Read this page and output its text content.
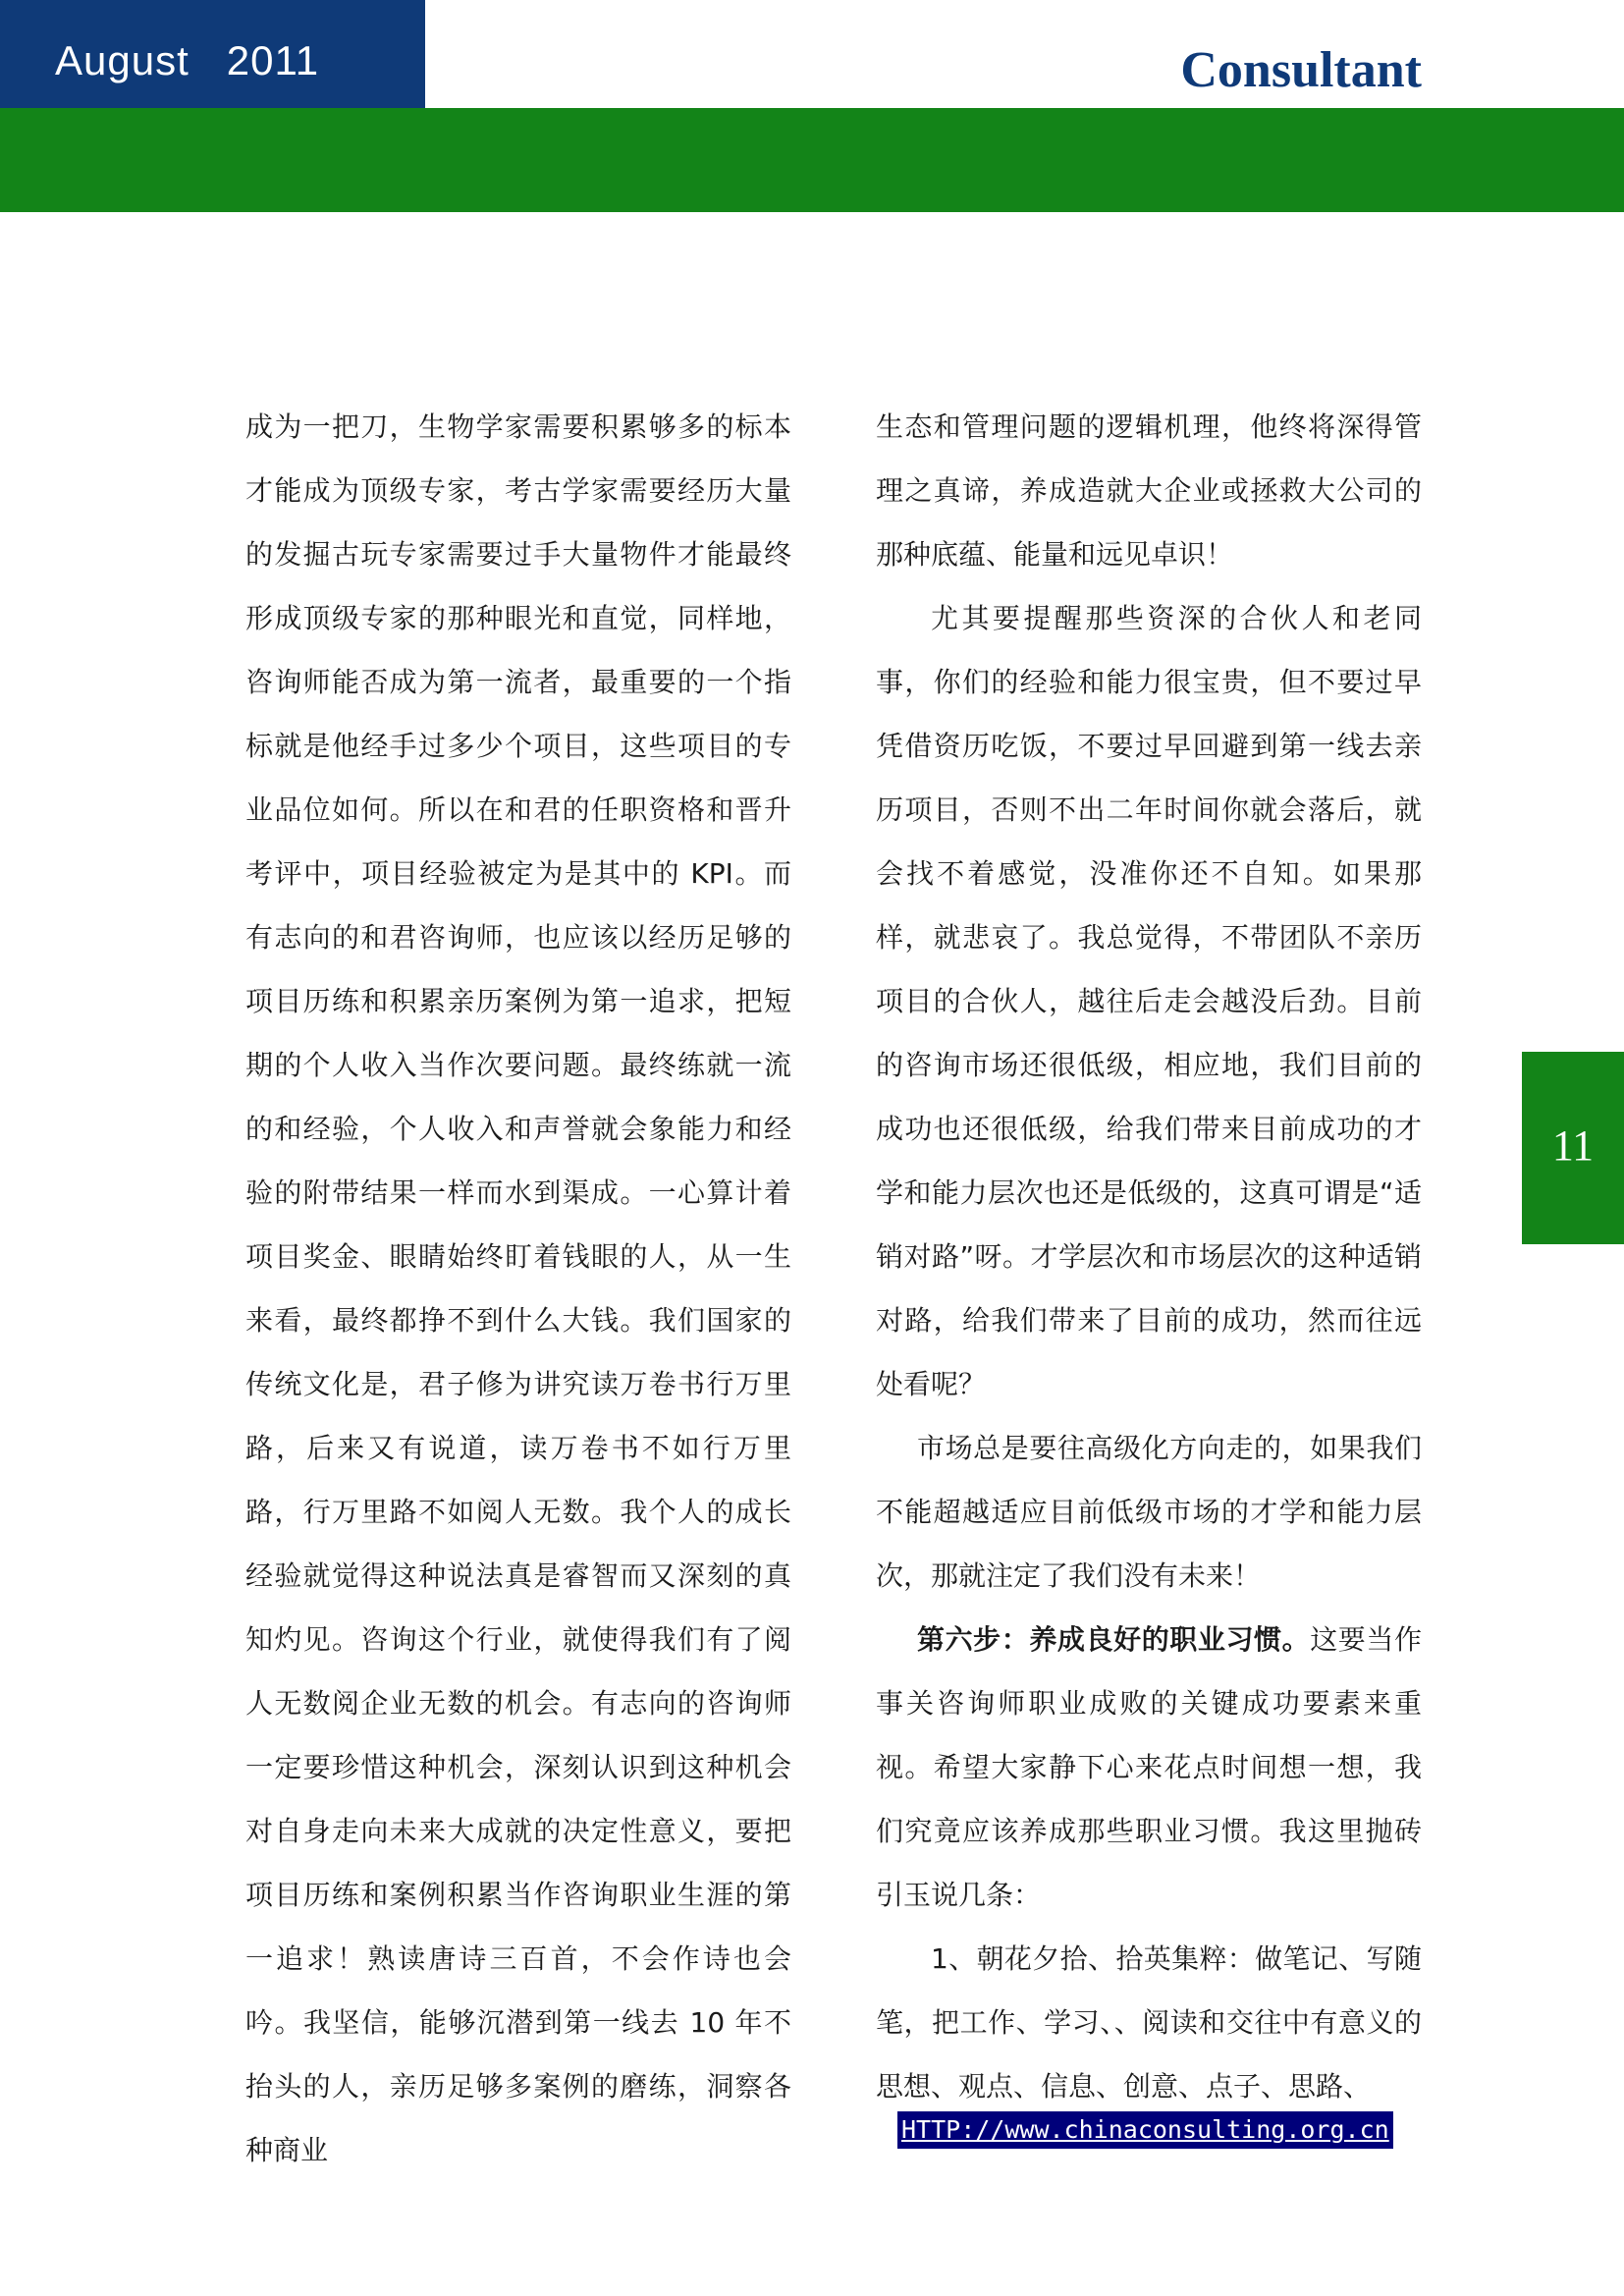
August   2011	Consultant
11

成为一把刀，生物学家需要积累够多的标本才能成为顶级专家，考古学家需要经历大量的发掘古玩专家需要过手大量物件才能最终形成顶级专家的那种眼光和直觉，同样地，咨询师能否成为第一流者，最重要的一个指标就是他经手过多少个项目，这些项目的专业品位如何。所以在和君的任职资格和晋升考评中，项目经验被定为是其中的 KPI。而有志向的和君咨询师，也应该以经历足够的项目历练和积累亲历案例为第一追求，把短期的个人收入当作次要问题。最终练就一流的和经验，个人收入和声誉就会象能力和经验的附带结果一样而水到渠成。一心算计着项目奖金、眼睛始终盯着钱眼的人，从一生来看，最终都挣不到什么大钱。我们国家的传统文化是，君子修为讲究读万卷书行万里路，后来又有说道，读万卷书不如行万里路，行万里路不如阅人无数。我个人的成长经验就觉得这种说法真是睿智而又深刻的真知灼见。咨询这个行业，就使得我们有了阅人无数阅企业无数的机会。有志向的咨询师一定要珍惜这种机会，深刻认识到这种机会对自身走向未来大成就的决定性意义，要把项目历练和案例积累当作咨询职业生涯的第一追求！熟读唐诗三百首，不会作诗也会吟。我坚信，能够沉潜到第一线去 10 年不抬头的人，亲历足够多案例的磨练，洞察各种商业

生态和管理问题的逻辑机理，他终将深得管理之真谛，养成造就大企业或拯救大公司的那种底蕴、能量和远见卓识！

尤其要提醒那些资深的合伙人和老同事，你们的经验和能力很宝贵，但不要过早凭借资历吃饭，不要过早回避到第一线去亲历项目，否则不出二年时间你就会落后，就会找不着感觉，没准你还不自知。如果那样，就悲哀了。我总觉得，不带团队不亲历项目的合伙人，越往后走会越没后劲。目前的咨询市场还很低级，相应地，我们目前的成功也还很低级，给我们带来目前成功的才学和能力层次也还是低级的，这真可谓是“适销对路”呀。才学层次和市场层次的这种适销对路，给我们带来了目前的成功，然而往远处看呢？

市场总是要往高级化方向走的，如果我们不能超越适应目前低级市场的才学和能力层次，那就注定了我们没有未来！

第六步：养成良好的职业习惯。这要当作事关咨询师职业成败的关键成功要素来重视。希望大家静下心来花点时间想一想，我们究竟应该养成那些职业习惯。我这里抛砖引玉说几条：

1、朝花夕拾、拾英集粹：做笔记、写随笔，把工作、学习、、阅读和交往中有意义的思想、观点、信息、创意、点子、思路、

HTTP://www.chinaconsulting.org.cn
